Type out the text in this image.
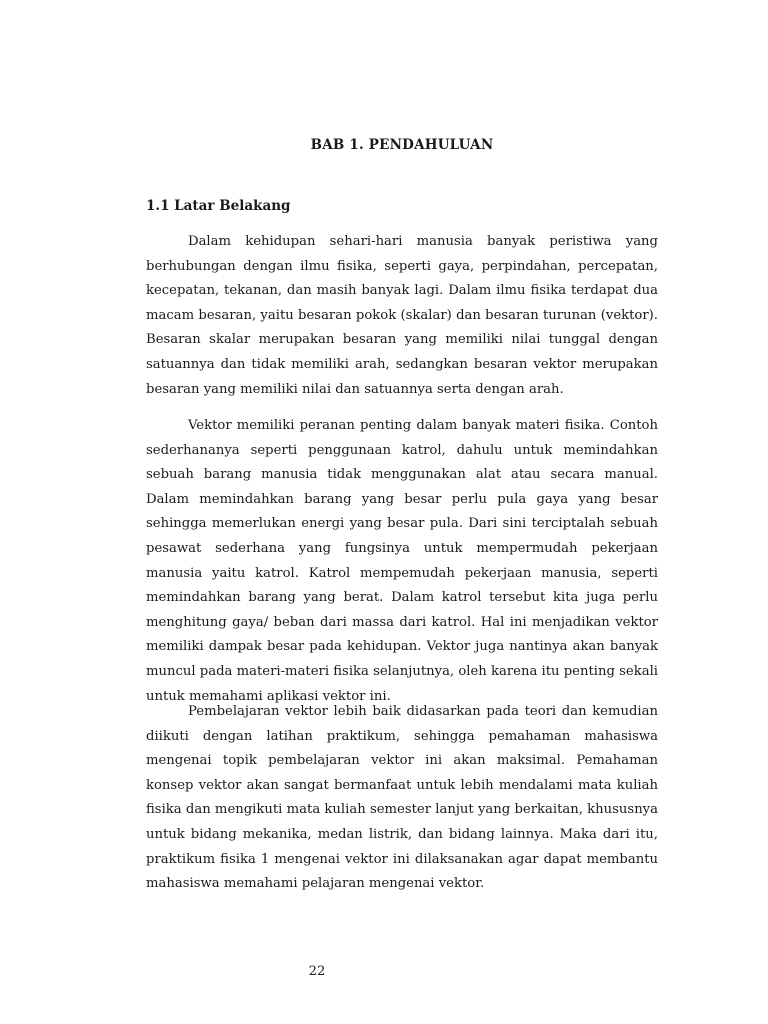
BAB 1. PENDAHULUAN
1.1 Latar Belakang

Dalam kehidupan sehari-hari manusia banyak peristiwa yang berhubungan dengan ilmu fisika, seperti gaya, perpindahan, percepatan, kecepatan, tekanan, dan masih banyak lagi. Dalam ilmu fisika terdapat dua macam besaran, yaitu besaran pokok (skalar) dan besaran turunan (vektor). Besaran skalar merupakan besaran yang memiliki nilai tunggal dengan satuannya dan tidak memiliki arah, sedangkan besaran vektor merupakan besaran yang memiliki nilai dan satuannya serta dengan arah.

Vektor memiliki peranan penting dalam banyak materi fisika. Contoh sederhananya seperti penggunaan katrol, dahulu untuk memindahkan sebuah barang manusia tidak menggunakan alat atau secara manual. Dalam memindahkan barang yang besar perlu pula gaya yang besar sehingga memerlukan energi yang besar pula. Dari sini terciptalah sebuah pesawat sederhana yang fungsinya untuk mempermudah pekerjaan manusia yaitu katrol. Katrol mempemudah pekerjaan manusia, seperti memindahkan barang yang berat. Dalam katrol tersebut kita juga perlu menghitung gaya/ beban dari massa dari katrol. Hal ini menjadikan vektor memiliki dampak besar pada kehidupan. Vektor juga nantinya akan banyak muncul pada materi-materi fisika selanjutnya, oleh karena itu penting sekali untuk memahami aplikasi vektor ini.

Pembelajaran vektor lebih baik didasarkan pada teori dan kemudian diikuti dengan latihan praktikum, sehingga pemahaman mahasiswa mengenai topik pembelajaran vektor ini akan maksimal. Pemahaman konsep vektor akan sangat bermanfaat untuk lebih mendalami mata kuliah fisika dan mengikuti mata kuliah semester lanjut yang berkaitan, khususnya untuk bidang mekanika, medan listrik, dan bidang lainnya. Maka dari itu, praktikum fisika 1 mengenai vektor ini dilaksanakan agar dapat membantu mahasiswa memahami pelajaran mengenai vektor.

22
